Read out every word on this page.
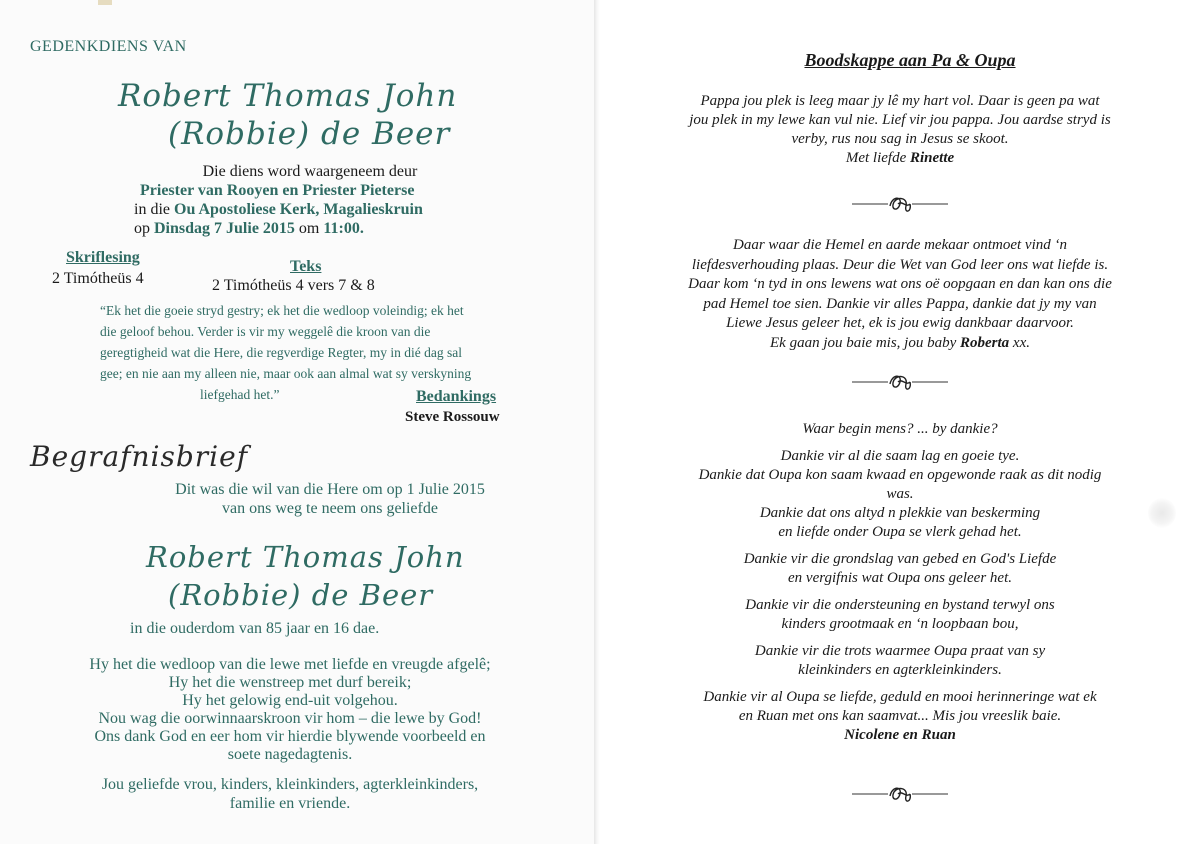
GEDENKDIENS VAN
Robert Thomas John
(Robbie) de Beer
Die diens word waargeneem deur
Priester van Rooyen en Priester Pieterse
in die Ou Apostoliese Kerk, Magalieskruin
op Dinsdag 7 Julie 2015 om 11:00.
Skriflesing
2 Timótheüs 4
Teks
2 Timótheüs 4 vers 7 & 8
“Ek het die goeie stryd gestry; ek het die wedloop voleindig; ek het
die geloof behou. Verder is vir my weggelê die kroon van die
geregtigheid wat die Here, die regverdige Regter, my in dié dag sal
gee; en nie aan my alleen nie, maar ook aan almal wat sy verskyning
liefgehad het.”	Bedankings
Steve Rossouw
Begrafnisbrief
Dit was die wil van die Here om op 1 Julie 2015
van ons weg te neem ons geliefde
Robert Thomas John
(Robbie) de Beer
in die ouderdom van 85 jaar en 16 dae.
Hy het die wedloop van die lewe met liefde en vreugde afgelê;
Hy het die wenstreep met durf bereik;
Hy het gelowig end-uit volgehou.
Nou wag die oorwinnaarskroon vir hom – die lewe by God!
Ons dank God en eer hom vir hierdie blywende voorbeeld en
soete nagedagtenis.
Jou geliefde vrou, kinders, kleinkinders, agterkleinkinders,
familie en vriende.
Boodskappe aan Pa & Oupa
Pappa jou plek is leeg maar jy lê my hart vol. Daar is geen pa wat
jou plek in my lewe kan vul nie. Lief vir jou pappa. Jou aardse stryd is
verby, rus nou sag in Jesus se skoot.
Met liefde Rinette
Daar waar die Hemel en aarde mekaar ontmoet vind ‘n
liefdesverhouding plaas. Deur die Wet van God leer ons wat liefde is.
Daar kom ‘n tyd in ons lewens wat ons oë oopgaan en dan kan ons die
pad Hemel toe sien. Dankie vir alles Pappa, dankie dat jy my van
Liewe Jesus geleer het, ek is jou ewig dankbaar daarvoor.
Ek gaan jou baie mis, jou baby Roberta xx.
Waar begin mens? ... by dankie?
Dankie vir al die saam lag en goeie tye.
Dankie dat Oupa kon saam kwaad en opgewonde raak as dit nodig
was.
Dankie dat ons altyd n plekkie van beskerming
en liefde onder Oupa se vlerk gehad het.
Dankie vir die grondslag van gebed en God's Liefde
en vergifnis wat Oupa ons geleer het.
Dankie vir die ondersteuning en bystand terwyl ons
kinders grootmaak en ‘n loopbaan bou,
Dankie vir die trots waarmee Oupa praat van sy
kleinkinders en agterkleinkinders.
Dankie vir al Oupa se liefde, geduld en mooi herinneringe wat ek
en Ruan met ons kan saamvat... Mis jou vreeslik baie.
Nicolene en Ruan
